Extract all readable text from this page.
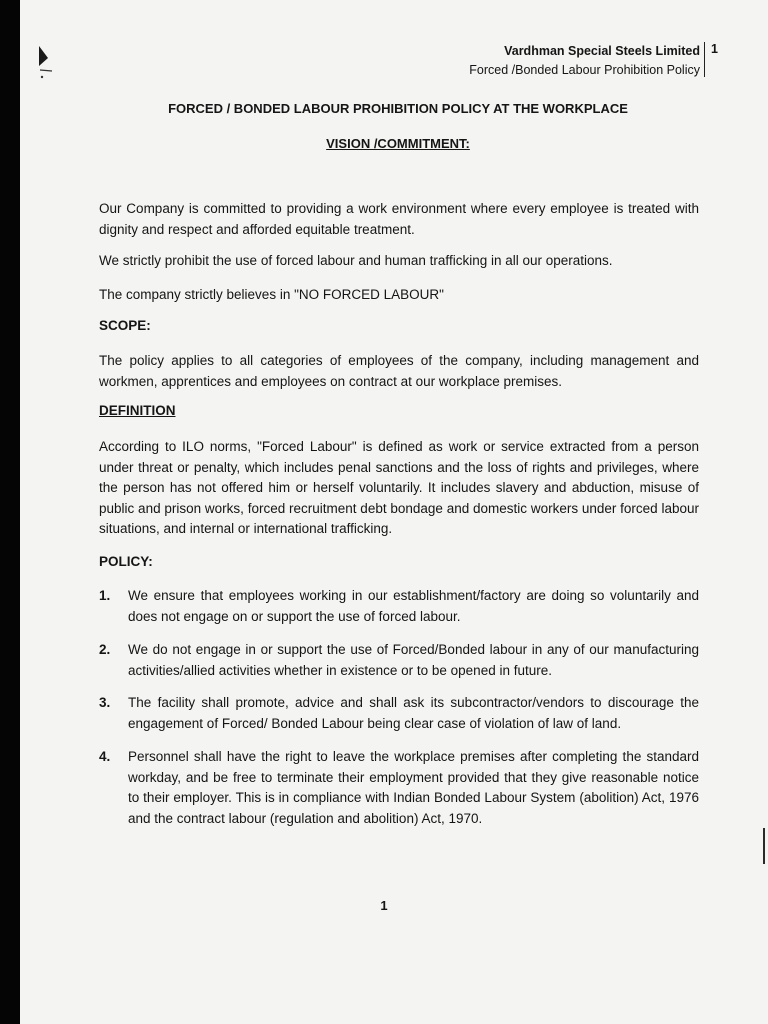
Vardhman Special Steels Limited
Forced /Bonded Labour Prohibition Policy
1
FORCED / BONDED LABOUR PROHIBITION POLICY AT THE WORKPLACE
VISION /COMMITMENT:

Our Company is committed to providing a work environment where every employee is treated with dignity and respect and afforded equitable treatment.

We strictly prohibit the use of forced labour and human trafficking in all our operations.

The company strictly believes in "NO FORCED LABOUR"

SCOPE:

The policy applies to all categories of employees of the company, including management and workmen, apprentices and employees on contract at our workplace premises.

DEFINITION

According to ILO norms, "Forced Labour" is defined as work or service extracted from a person under threat or penalty, which includes penal sanctions and the loss of rights and privileges, where the person has not offered him or herself voluntarily. It includes slavery and abduction, misuse of public and prison works, forced recruitment debt bondage and domestic workers under forced labour situations, and internal or international trafficking.

POLICY:

1.	We ensure that employees working in our establishment/factory are doing so voluntarily and does not engage on or support the use of forced labour.
2.	We do not engage in or support the use of Forced/Bonded labour in any of our manufacturing activities/allied activities whether in existence or to be opened in future.
3.	The facility shall promote, advice and shall ask its subcontractor/vendors to discourage the engagement of Forced/ Bonded Labour being clear case of violation of law of land.
4.	Personnel shall have the right to leave the workplace premises after completing the standard workday, and be free to terminate their employment provided that they give reasonable notice to their employer. This is in compliance with Indian Bonded Labour System (abolition) Act, 1976 and the contract labour (regulation and abolition) Act, 1970.
1
